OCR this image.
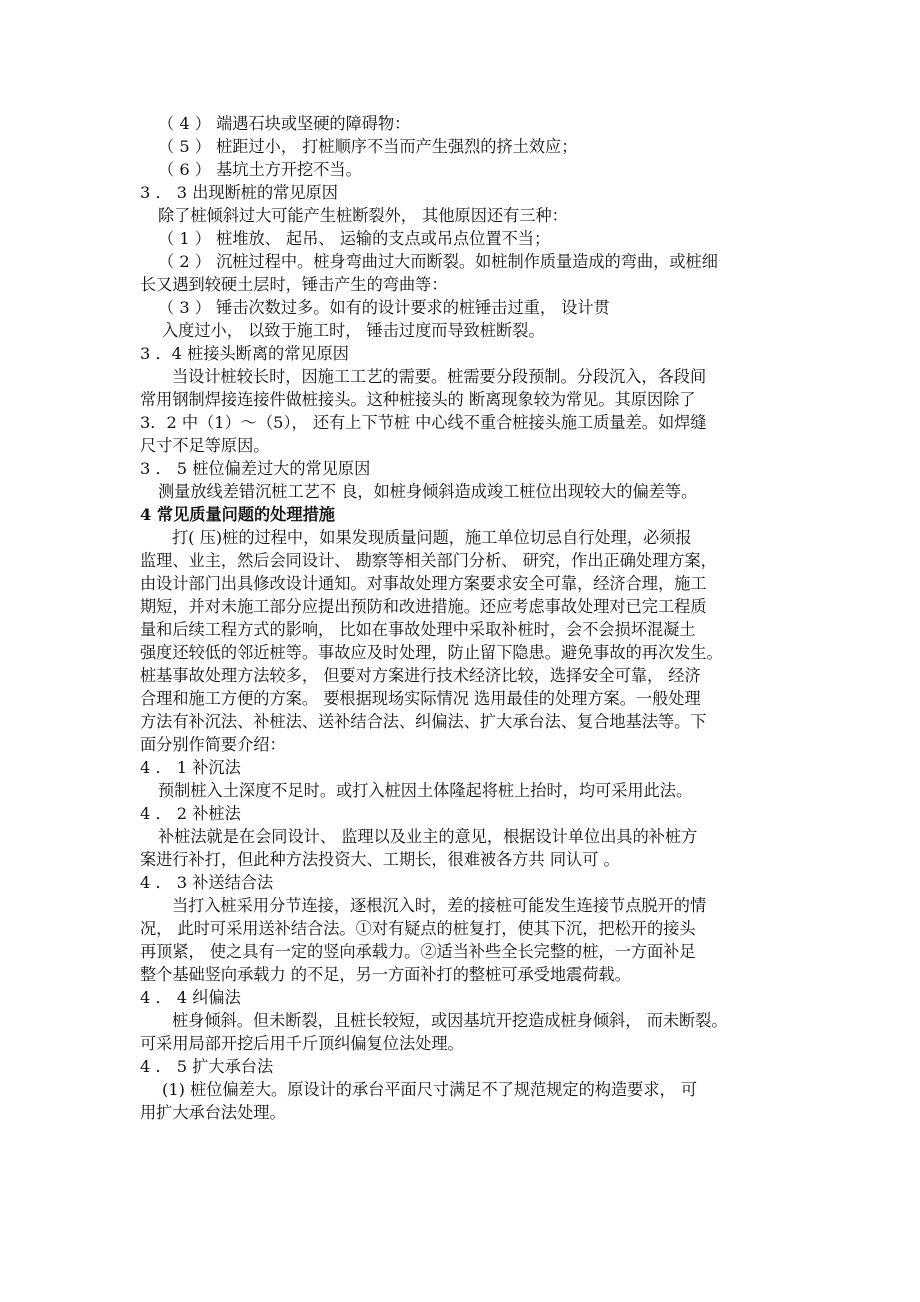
（ 4 ） 端遇石块或坚硬的障碍物：
（ 5 ） 桩距过小， 打桩顺序不当而产生强烈的挤土效应；
（ 6 ） 基坑土方开挖不当。
3 ． 3 出现断桩的常见原因
除了桩倾斜过大可能产生桩断裂外， 其他原因还有三种：
（ 1 ） 桩堆放、 起吊、 运输的支点或吊点位置不当；
（ 2 ） 沉桩过程中。桩身弯曲过大而断裂。如桩制作质量造成的弯曲，或桩细
长又遇到较硬土层时，锤击产生的弯曲等：
（ 3 ） 锤击次数过多。如有的设计要求的桩锤击过重， 设计贯
入度过小， 以致于施工时， 锤击过度而导致桩断裂。
3 ．4 桩接头断离的常见原因
当设计桩较长时，因施工工艺的需要。桩需要分段预制。分段沉入，各段间
常用钢制焊接连接件做桩接头。这种桩接头的 断离现象较为常见。其原因除了
3．2 中（1）～（5）， 还有上下节桩 中心线不重合桩接头施工质量差。如焊缝
尺寸不足等原因。
3 ． 5 桩位偏差过大的常见原因
测量放线差错沉桩工艺不 良，如桩身倾斜造成竣工桩位出现较大的偏差等。
4 常见质量问题的处理措施
打( 压)桩的过程中，如果发现质量问题，施工单位切忌自行处理，必须报
监理、业主，然后会同设计、 勘察等相关部门分析、 研究，作出正确处理方案，
由设计部门出具修改设计通知。对事故处理方案要求安全可靠，经济合理，施工
期短，并对未施工部分应提出预防和改进措施。还应考虑事故处理对已完工程质
量和后续工程方式的影响， 比如在事故处理中采取补桩时，会不会损坏混凝土
强度还较低的邻近桩等。事故应及时处理，防止留下隐患。避免事故的再次发生。
桩基事故处理方法较多， 但要对方案进行技术经济比较，选择安全可靠， 经济
合理和施工方便的方案。 要根据现场实际情况 选用最佳的处理方案。一般处理
方法有补沉法、补桩法、送补结合法、纠偏法、扩大承台法、复合地基法等。下
面分别作简要介绍：
4 ． 1 补沉法
预制桩入土深度不足时。或打入桩因土体隆起将桩上抬时，均可采用此法。
4 ． 2 补桩法
补桩法就是在会同设计、 监理以及业主的意见，根据设计单位出具的补桩方
案进行补打，但此种方法投资大、工期长，很难被各方共 同认可 。
4 ． 3 补送结合法
当打入桩采用分节连接，逐根沉入时，差的接桩可能发生连接节点脱开的情
况， 此时可采用送补结合法。①对有疑点的桩复打，使其下沉，把松开的接头
再顶紧， 使之具有一定的竖向承载力。②适当补些全长完整的桩，一方面补足
整个基础竖向承载力 的不足，另一方面补打的整桩可承受地震荷载。
4 ． 4 纠偏法
桩身倾斜。但未断裂，且桩长较短，或因基坑开挖造成桩身倾斜， 而未断裂。
可采用局部开挖后用千斤顶纠偏复位法处理。
4 ． 5 扩大承台法
(1) 桩位偏差大。原设计的承台平面尺寸满足不了规范规定的构造要求， 可
用扩大承台法处理。
